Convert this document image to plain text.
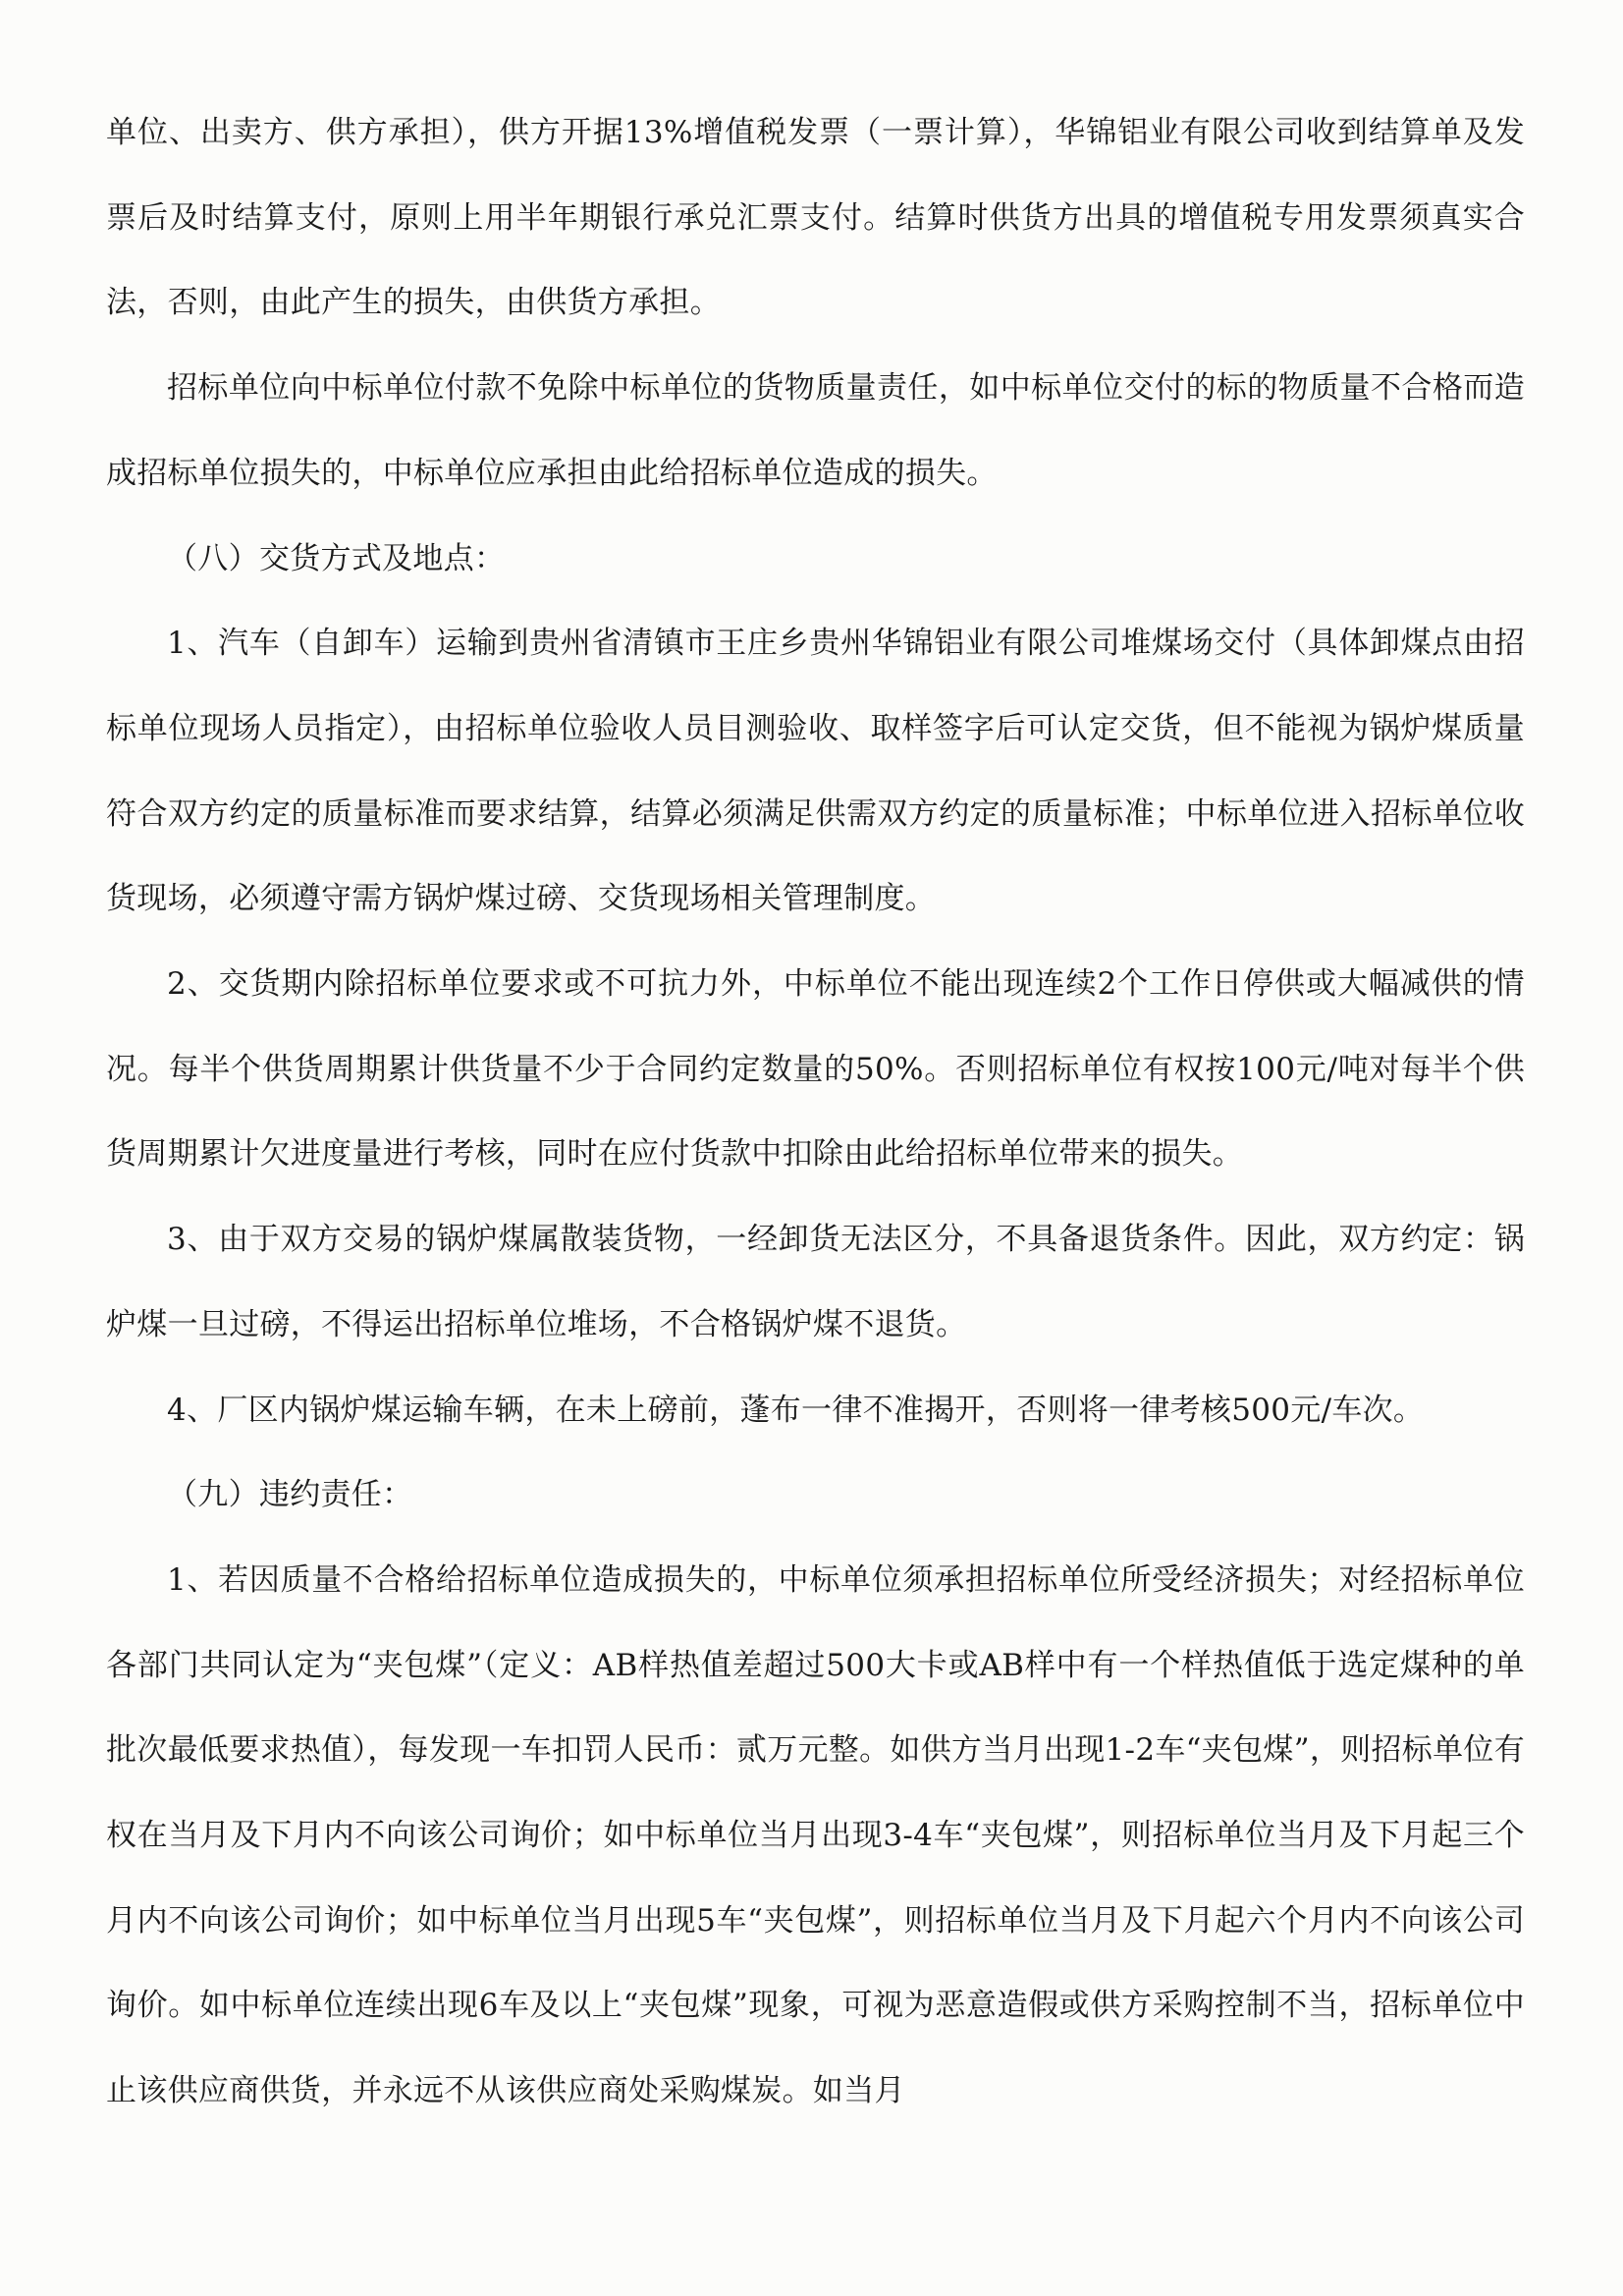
单位、出卖方、供方承担），供方开据13%增值税发票（一票计算），华锦铝业有限公司收到结算单及发票后及时结算支付，原则上用半年期银行承兑汇票支付。结算时供货方出具的增值税专用发票须真实合法，否则，由此产生的损失，由供货方承担。

招标单位向中标单位付款不免除中标单位的货物质量责任，如中标单位交付的标的物质量不合格而造成招标单位损失的，中标单位应承担由此给招标单位造成的损失。

（八）交货方式及地点：

1、汽车（自卸车）运输到贵州省清镇市王庄乡贵州华锦铝业有限公司堆煤场交付（具体卸煤点由招标单位现场人员指定），由招标单位验收人员目测验收、取样签字后可认定交货，但不能视为锅炉煤质量符合双方约定的质量标准而要求结算，结算必须满足供需双方约定的质量标准；中标单位进入招标单位收货现场，必须遵守需方锅炉煤过磅、交货现场相关管理制度。

2、交货期内除招标单位要求或不可抗力外，中标单位不能出现连续2个工作日停供或大幅减供的情况。每半个供货周期累计供货量不少于合同约定数量的50%。否则招标单位有权按100元/吨对每半个供货周期累计欠进度量进行考核，同时在应付货款中扣除由此给招标单位带来的损失。

3、由于双方交易的锅炉煤属散装货物，一经卸货无法区分，不具备退货条件。因此，双方约定：锅炉煤一旦过磅，不得运出招标单位堆场，不合格锅炉煤不退货。

4、厂区内锅炉煤运输车辆，在未上磅前，蓬布一律不准揭开，否则将一律考核500元/车次。

（九）违约责任：

1、若因质量不合格给招标单位造成损失的，中标单位须承担招标单位所受经济损失；对经招标单位各部门共同认定为“夹包煤”（定义：AB样热值差超过500大卡或AB样中有一个样热值低于选定煤种的单批次最低要求热值），每发现一车扣罚人民币：贰万元整。如供方当月出现1-2车“夹包煤”，则招标单位有权在当月及下月内不向该公司询价；如中标单位当月出现3-4车“夹包煤”，则招标单位当月及下月起三个月内不向该公司询价；如中标单位当月出现5车“夹包煤”，则招标单位当月及下月起六个月内不向该公司询价。如中标单位连续出现6车及以上“夹包煤”现象，可视为恶意造假或供方采购控制不当，招标单位中止该供应商供货，并永远不从该供应商处采购煤炭。如当月
